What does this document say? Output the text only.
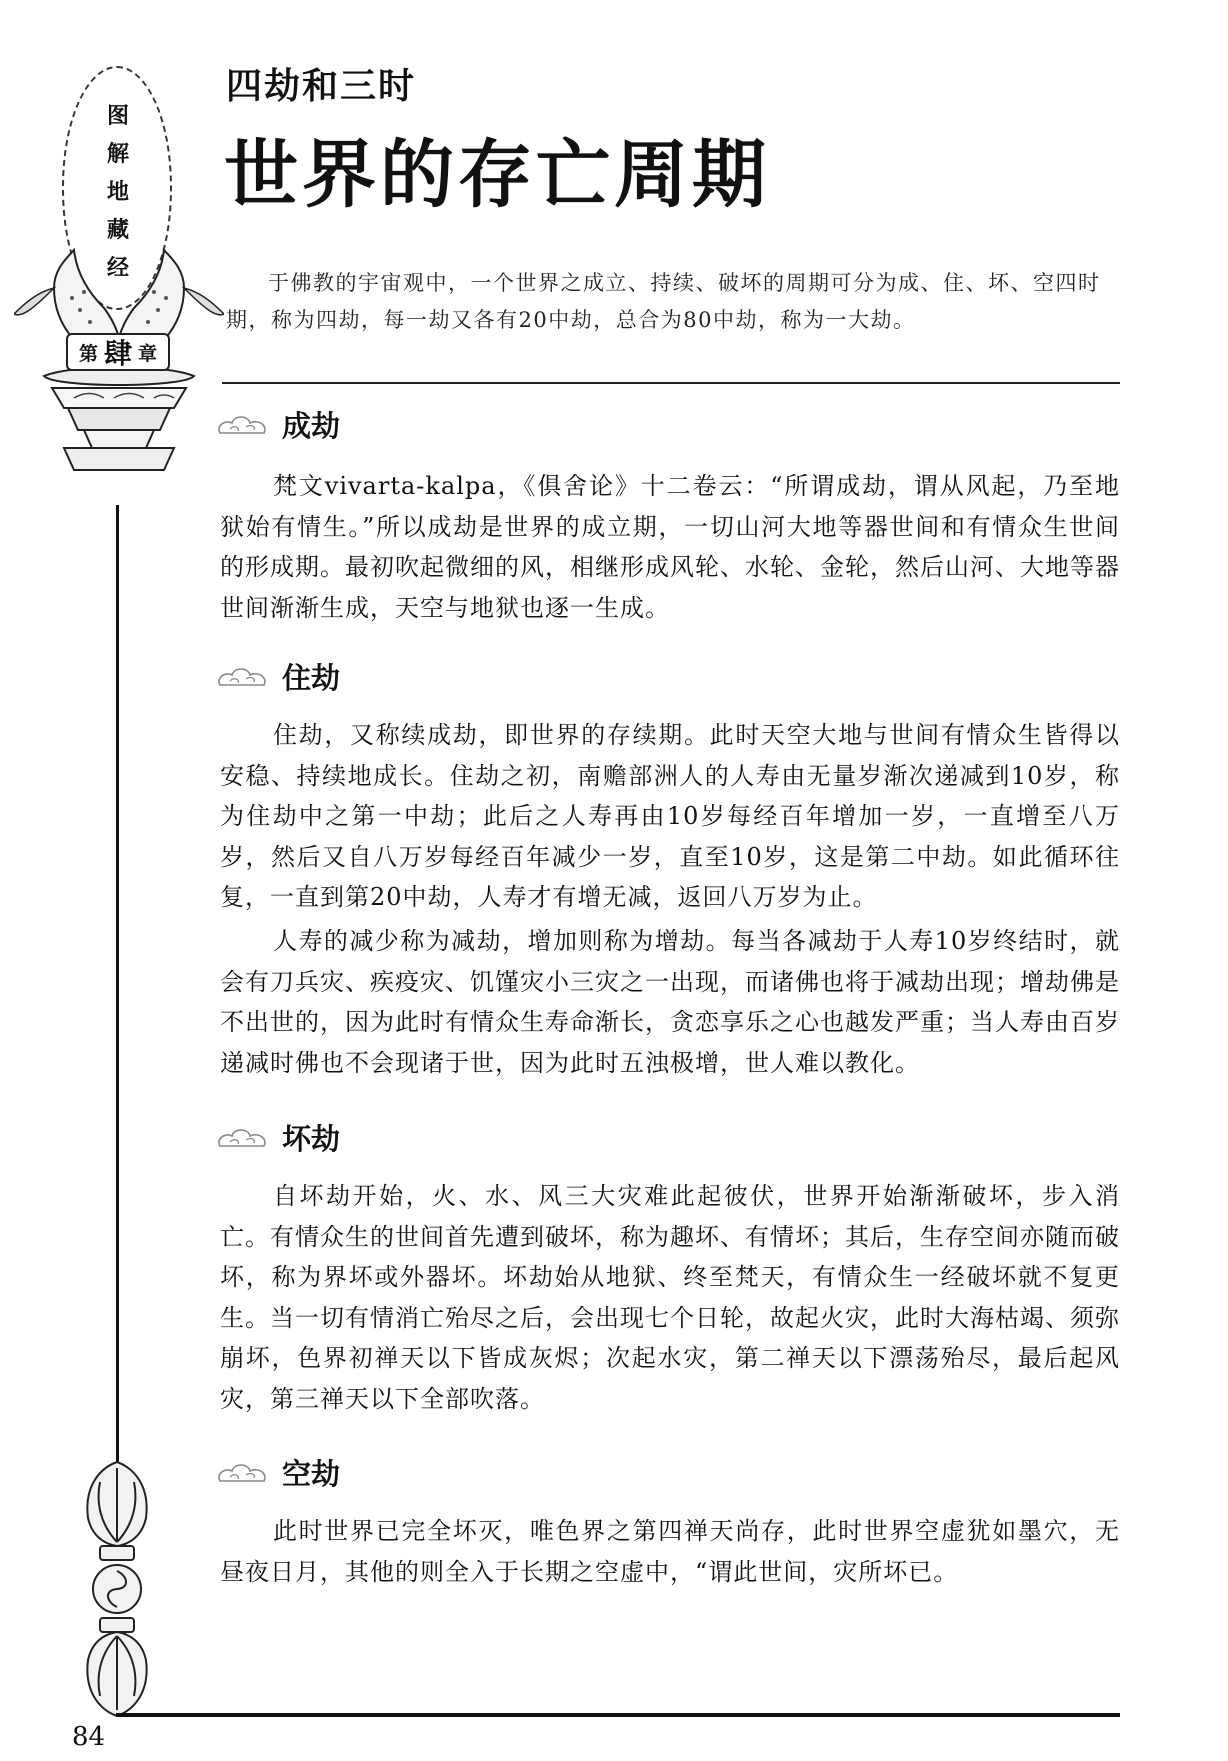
图
解
地
藏
经
第 肆 章
四劫和三时
世界的存亡周期
于佛教的宇宙观中，一个世界之成立、持续、破坏的周期可分为成、住、坏、空四时期，称为四劫，每一劫又各有20中劫，总合为80中劫，称为一大劫。
成劫

梵文vivarta-kalpa，《俱舍论》十二卷云：“所谓成劫，谓从风起，乃至地狱始有情生。”所以成劫是世界的成立期，一切山河大地等器世间和有情众生世间的形成期。最初吹起微细的风，相继形成风轮、水轮、金轮，然后山河、大地等器世间渐渐生成，天空与地狱也逐一生成。

住劫

住劫，又称续成劫，即世界的存续期。此时天空大地与世间有情众生皆得以安稳、持续地成长。住劫之初，南赡部洲人的人寿由无量岁渐次递减到10岁，称为住劫中之第一中劫；此后之人寿再由10岁每经百年增加一岁，一直增至八万岁，然后又自八万岁每经百年减少一岁，直至10岁，这是第二中劫。如此循环往复，一直到第20中劫，人寿才有增无减，返回八万岁为止。

人寿的减少称为减劫，增加则称为增劫。每当各减劫于人寿10岁终结时，就会有刀兵灾、疾疫灾、饥馑灾小三灾之一出现，而诸佛也将于减劫出现；增劫佛是不出世的，因为此时有情众生寿命渐长，贪恋享乐之心也越发严重；当人寿由百岁递减时佛也不会现诸于世，因为此时五浊极增，世人难以教化。

坏劫

自坏劫开始，火、水、风三大灾难此起彼伏，世界开始渐渐破坏，步入消亡。有情众生的世间首先遭到破坏，称为趣坏、有情坏；其后，生存空间亦随而破坏，称为界坏或外器坏。坏劫始从地狱、终至梵天，有情众生一经破坏就不复更生。当一切有情消亡殆尽之后，会出现七个日轮，故起火灾，此时大海枯竭、须弥崩坏，色界初禅天以下皆成灰烬；次起水灾，第二禅天以下漂荡殆尽，最后起风灾，第三禅天以下全部吹落。

空劫

此时世界已完全坏灭，唯色界之第四禅天尚存，此时世界空虚犹如墨穴，无昼夜日月，其他的则全入于长期之空虚中，“谓此世间，灾所坏已。

84
